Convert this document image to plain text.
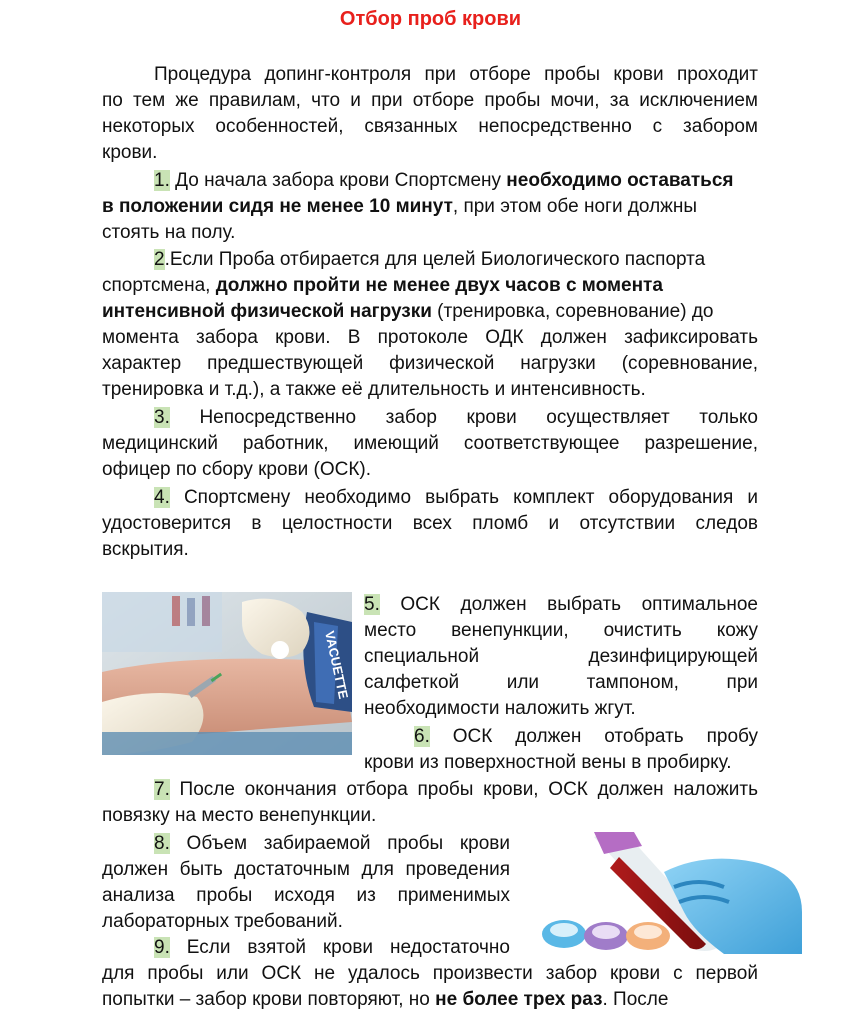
Отбор проб крови
Процедура допинг-контроля при отборе пробы крови проходит
по тем же правилам, что и при отборе пробы мочи, за исключением
некоторых особенностей, связанных непосредственно с забором
крови.
1. До начала забора крови Спортсмену необходимо оставаться
в положении сидя не менее 10 минут, при этом обе ноги должны
стоять на полу.
2.Если Проба отбирается для целей Биологического паспорта
спортсмена, должно пройти не менее двух часов с момента
интенсивной физической нагрузки (тренировка, соревнование) до
момента забора крови. В протоколе ОДК должен зафиксировать
характер предшествующей физической нагрузки (соревнование,
тренировка и т.д.), а также её длительность и интенсивность.
3. Непосредственно забор крови осуществляет только
медицинский работник, имеющий соответствующее разрешение,
офицер по сбору крови (ОСК).
4. Спортсмену необходимо выбрать комплект оборудования и
удостоверится в целостности всех пломб и отсутствии следов
вскрытия.
VACUETTE
5. ОСК должен выбрать оптимальное
место венепункции, очистить кожу
специальной дезинфицирующей
салфеткой или тампоном, при
необходимости наложить жгут.
6. ОСК должен отобрать пробу
крови из поверхностной вены в пробирку.
7. После окончания отбора пробы крови, ОСК должен наложить
повязку на место венепункции.
8. Объем забираемой пробы крови
должен быть достаточным для проведения
анализа пробы исходя из применимых
лабораторных требований.
9. Если взятой крови недостаточно
для пробы или ОСК не удалось произвести забор крови с первой
попытки – забор крови повторяют, но не более трех раз. После
